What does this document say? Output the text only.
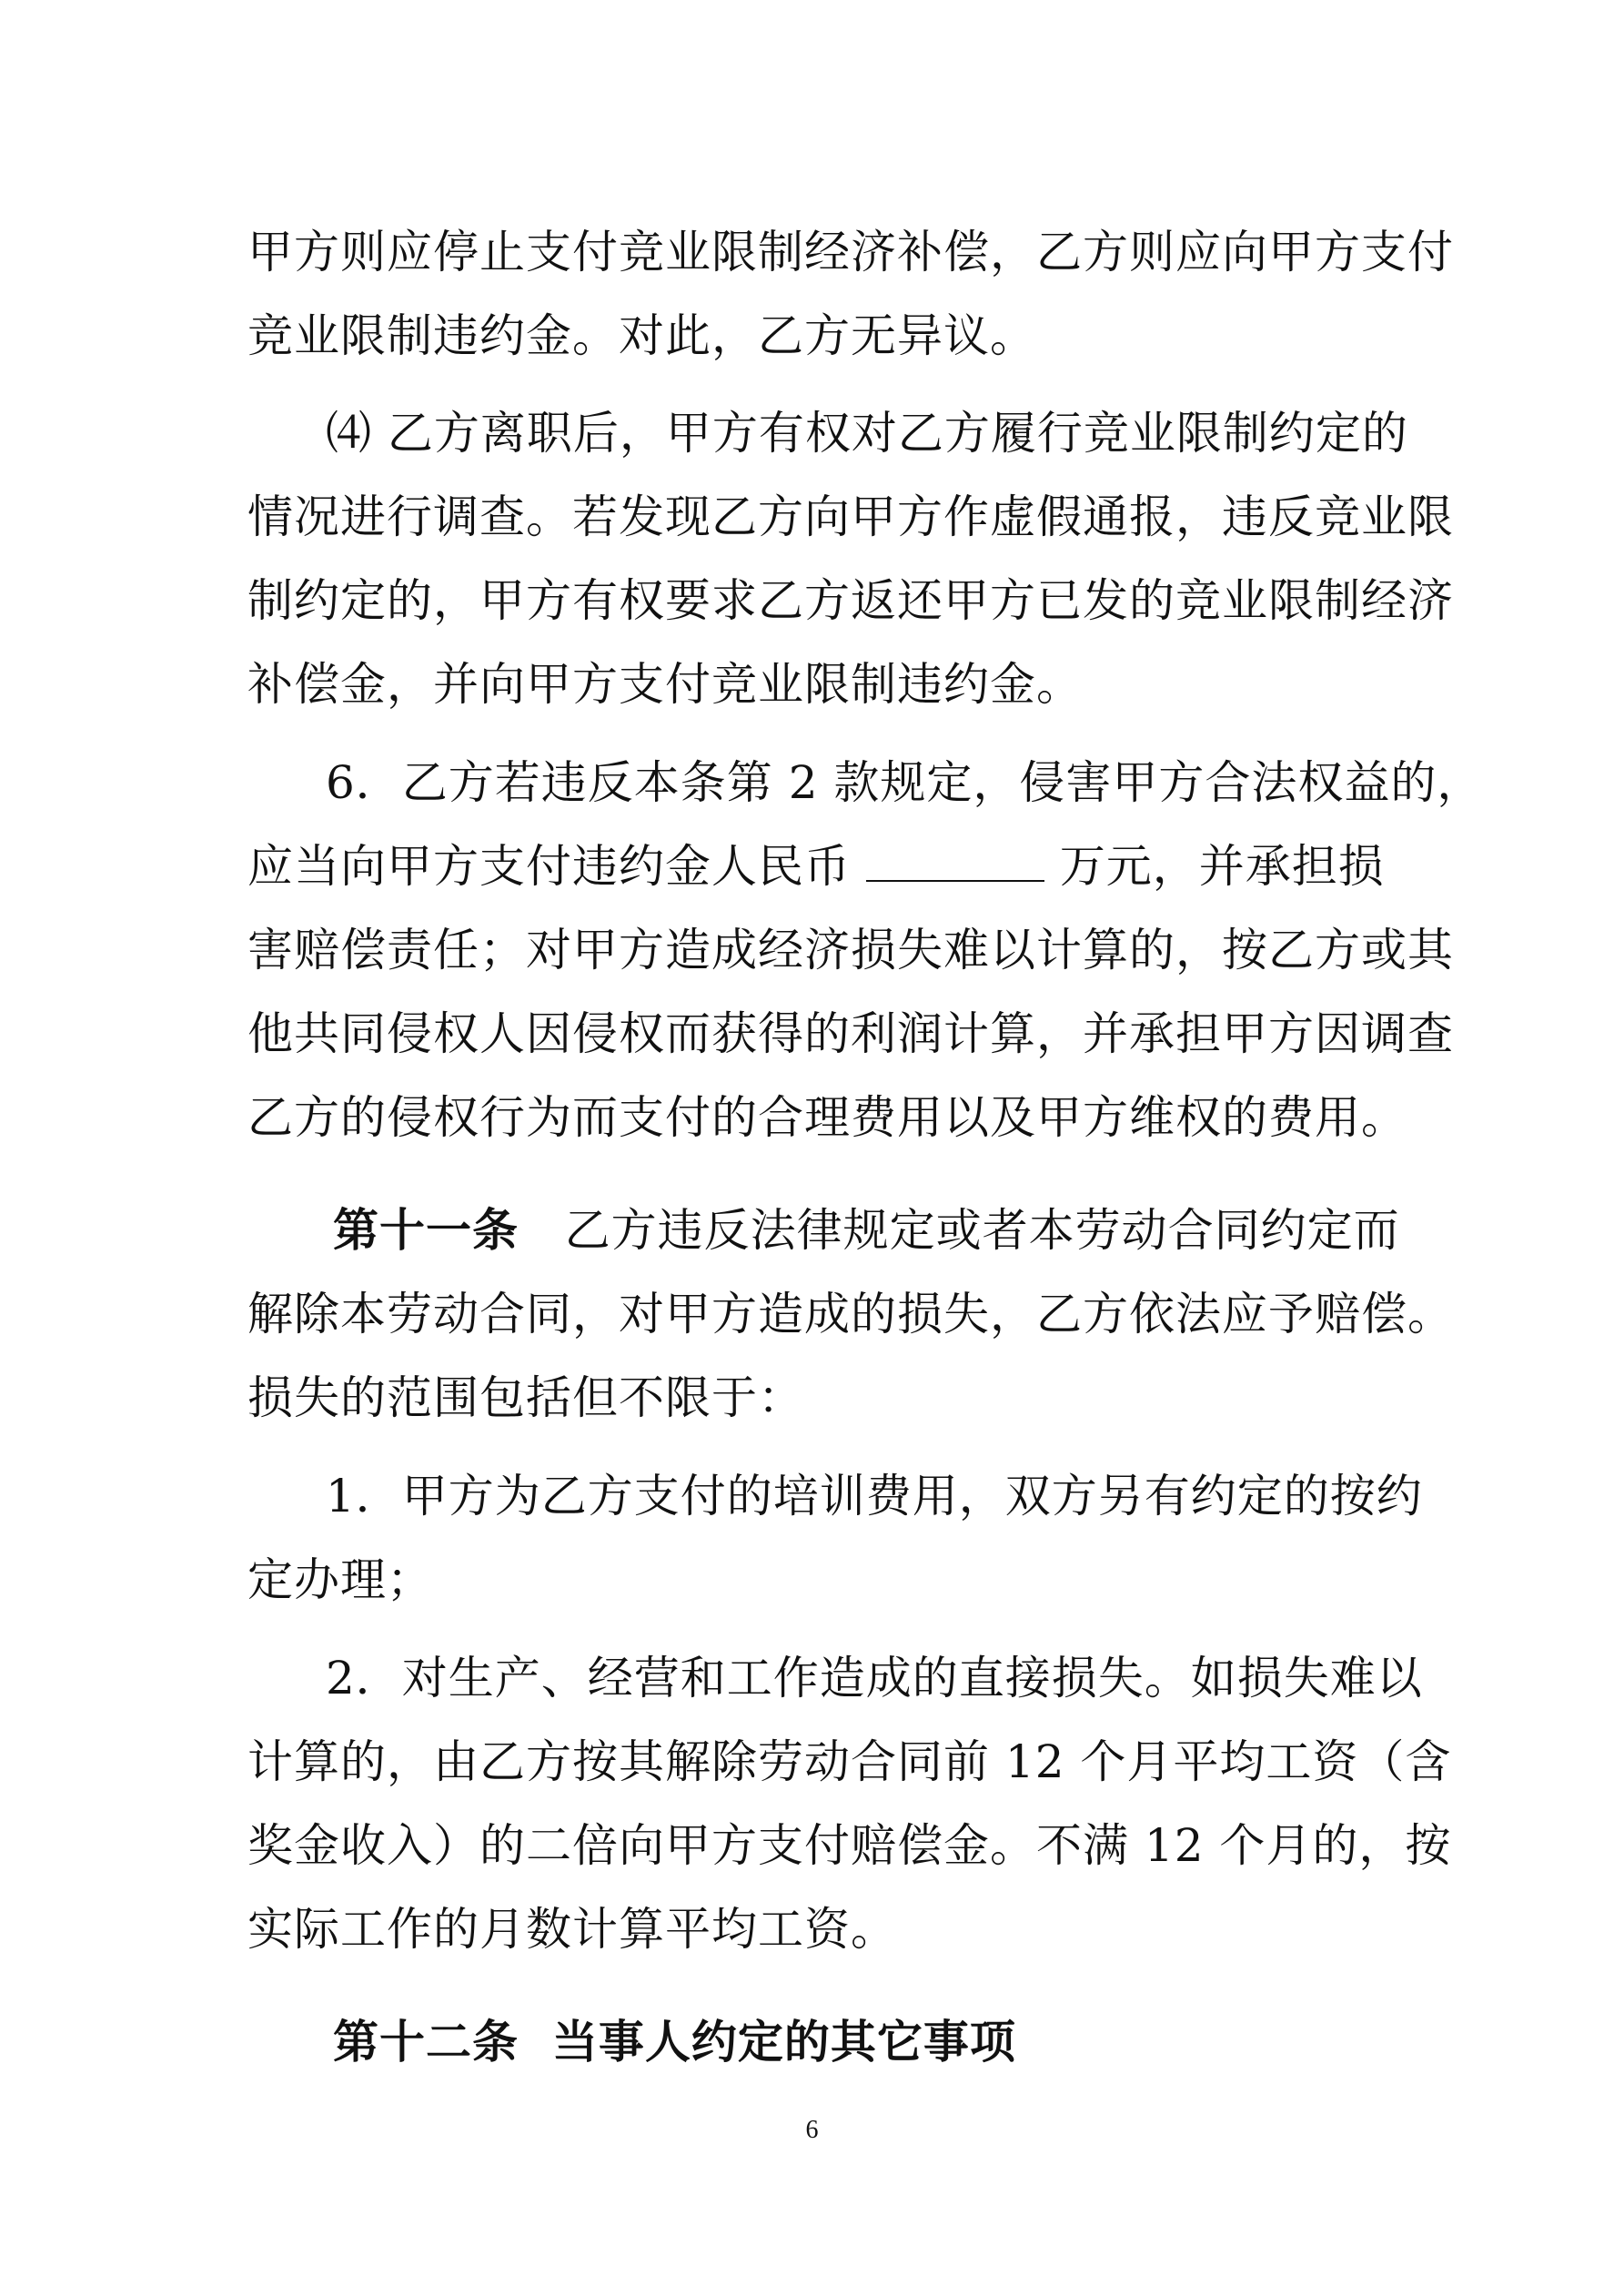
甲方则应停止支付竞业限制经济补偿，乙方则应向甲方支付
竞业限制违约金。对此，乙方无异议。
⑷ 乙方离职后，甲方有权对乙方履行竞业限制约定的
情况进行调查。若发现乙方向甲方作虚假通报，违反竞业限
制约定的，甲方有权要求乙方返还甲方已发的竞业限制经济
补偿金，并向甲方支付竞业限制违约金。
6．乙方若违反本条第 2 款规定，侵害甲方合法权益的，
应当向甲方支付违约金人民币	万元，并承担损
害赔偿责任；对甲方造成经济损失难以计算的，按乙方或其
他共同侵权人因侵权而获得的利润计算，并承担甲方因调查
乙方的侵权行为而支付的合理费用以及甲方维权的费用。
第十一条   乙方违反法律规定或者本劳动合同约定而
解除本劳动合同，对甲方造成的损失，乙方依法应予赔偿。
损失的范围包括但不限于：
1．甲方为乙方支付的培训费用，双方另有约定的按约
定办理；
2．对生产、经营和工作造成的直接损失。如损失难以
计算的，由乙方按其解除劳动合同前 12 个月平均工资（含
奖金收入）的二倍向甲方支付赔偿金。不满 12 个月的，按
实际工作的月数计算平均工资。
第十二条  当事人约定的其它事项
6
